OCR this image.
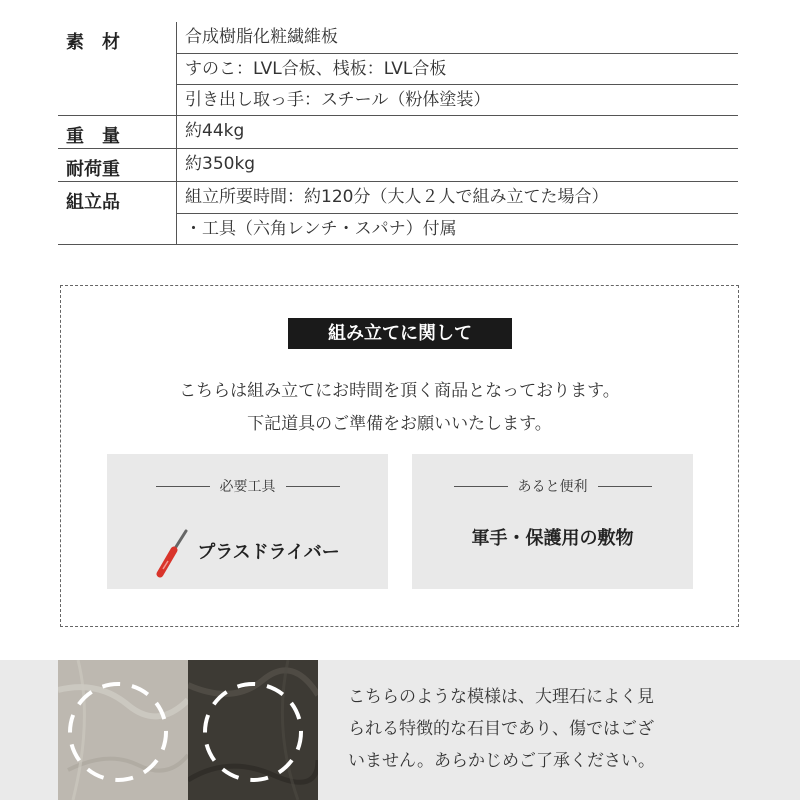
素　材	合成樹脂化粧繊維板
すのこ：LVL合板、桟板：LVL合板
引き出し取っ手：スチール（粉体塗装）
重　量	約44kg
耐荷重	約350kg
組立品	組立所要時間：約120分（大人２人で組み立てた場合）
・工具（六角レンチ・スパナ）付属
組み立てに関して
こちらは組み立てにお時間を頂く商品となっております。
下記道具のご準備をお願いいたします。
必要工具
プラスドライバー
あると便利
軍手・保護用の敷物
こちらのような模様は、大理石によく見
られる特徴的な石目であり、傷ではござ
いません。あらかじめご了承ください。
